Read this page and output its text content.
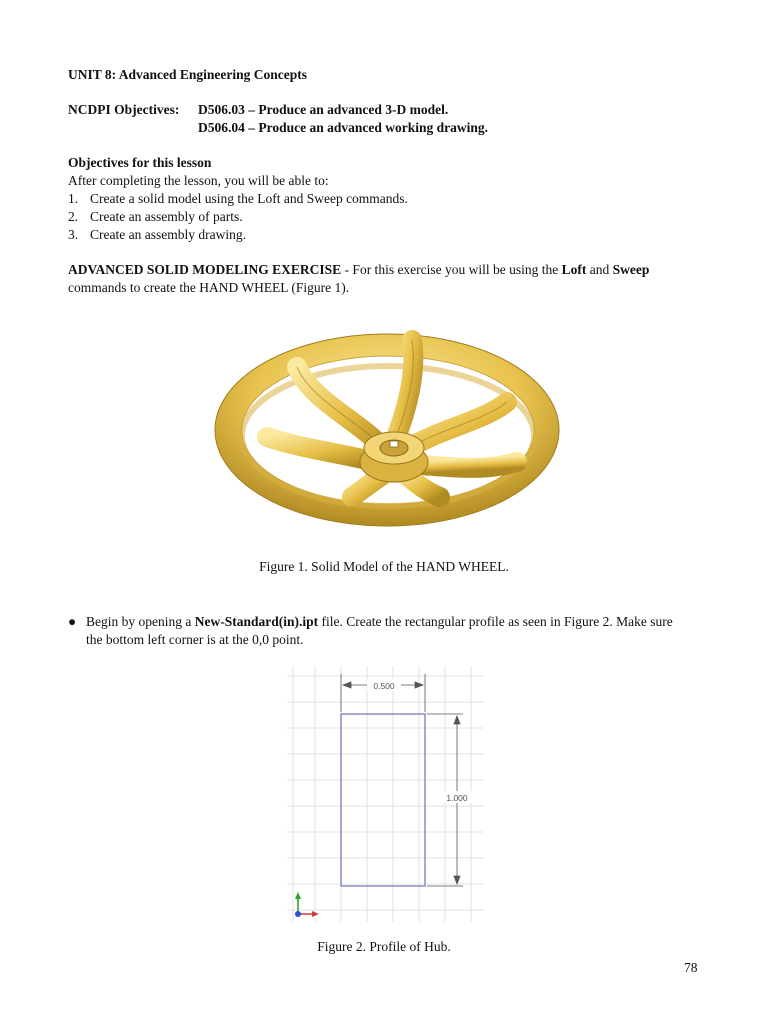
UNIT 8: Advanced Engineering Concepts
NCDPI Objectives: D506.03 – Produce an advanced 3-D model.
D506.04 – Produce an advanced working drawing.
Objectives for this lesson
After completing the lesson, you will be able to:
1. Create a solid model using the Loft and Sweep commands.
2. Create an assembly of parts.
3. Create an assembly drawing.
ADVANCED SOLID MODELING EXERCISE - For this exercise you will be using the Loft and Sweep commands to create the HAND WHEEL (Figure 1).
Figure 1. Solid Model of the HAND WHEEL.
● Begin by opening a New-Standard(in).ipt file. Create the rectangular profile as seen in Figure 2. Make sure the bottom left corner is at the 0,0 point.
0.500
1.000
Figure 2. Profile of Hub.
78
